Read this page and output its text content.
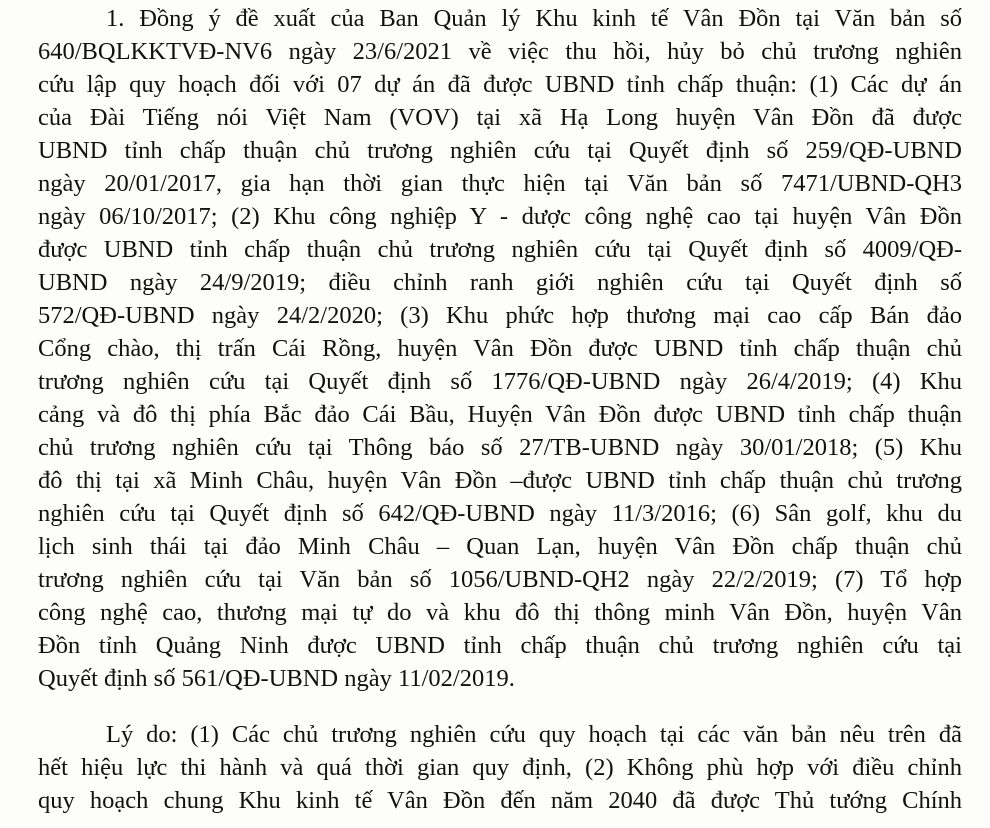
1. Đồng ý đề xuất của Ban Quản lý Khu kinh tế Vân Đồn tại Văn bản số
640/BQLKKTVĐ-NV6 ngày 23/6/2021 về việc thu hồi, hủy bỏ chủ trương nghiên
cứu lập quy hoạch đối với 07 dự án đã được UBND tỉnh chấp thuận: (1) Các dự án
của Đài Tiếng nói Việt Nam (VOV) tại xã Hạ Long huyện Vân Đồn đã được
UBND tỉnh chấp thuận chủ trương nghiên cứu tại Quyết định số 259/QĐ-UBND
ngày 20/01/2017, gia hạn thời gian thực hiện tại Văn bản số 7471/UBND-QH3
ngày 06/10/2017; (2) Khu công nghiệp Y - dược công nghệ cao tại huyện Vân Đồn
được UBND tỉnh chấp thuận chủ trương nghiên cứu tại Quyết định số 4009/QĐ-
UBND ngày 24/9/2019; điều chỉnh ranh giới nghiên cứu tại Quyết định số
572/QĐ-UBND ngày 24/2/2020; (3) Khu phức hợp thương mại cao cấp Bán đảo
Cổng chào, thị trấn Cái Rồng, huyện Vân Đồn được UBND tỉnh chấp thuận chủ
trương nghiên cứu tại Quyết định số 1776/QĐ-UBND ngày 26/4/2019; (4) Khu
cảng và đô thị phía Bắc đảo Cái Bầu, Huyện Vân Đồn được UBND tỉnh chấp thuận
chủ trương nghiên cứu tại Thông báo số 27/TB-UBND ngày 30/01/2018; (5) Khu
đô thị tại xã Minh Châu, huyện Vân Đồn –được UBND tỉnh chấp thuận chủ trương
nghiên cứu tại Quyết định số 642/QĐ-UBND ngày 11/3/2016; (6) Sân golf, khu du
lịch sinh thái tại đảo Minh Châu – Quan Lạn, huyện Vân Đồn chấp thuận chủ
trương nghiên cứu tại Văn bản số 1056/UBND-QH2 ngày 22/2/2019; (7) Tổ hợp
công nghệ cao, thương mại tự do và khu đô thị thông minh Vân Đồn, huyện Vân
Đồn tỉnh Quảng Ninh được UBND tỉnh chấp thuận chủ trương nghiên cứu tại
Quyết định số 561/QĐ-UBND ngày 11/02/2019.
Lý do: (1) Các chủ trương nghiên cứu quy hoạch tại các văn bản nêu trên đã
hết hiệu lực thi hành và quá thời gian quy định, (2) Không phù hợp với điều chỉnh
quy hoạch chung Khu kinh tế Vân Đồn đến năm 2040 đã được Thủ tướng Chính
